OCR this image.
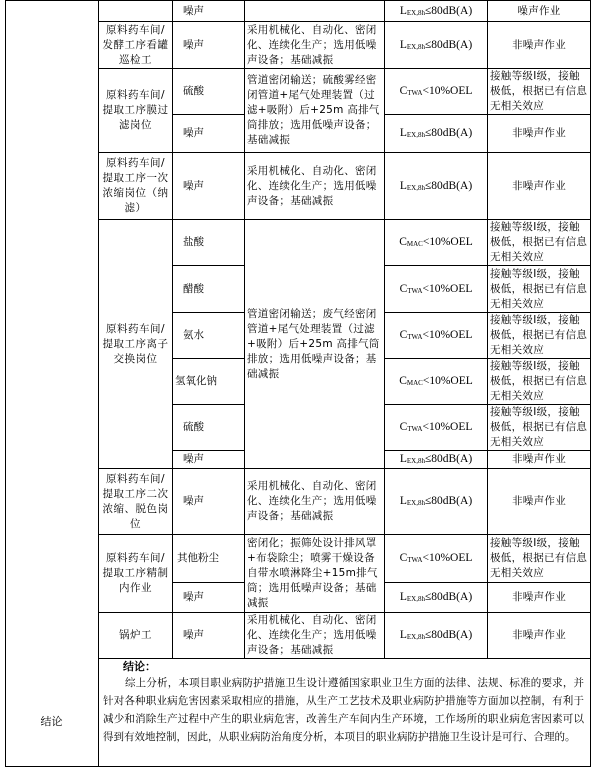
		噪声		$L_{EX,8h}\le 80dB(A)$	噪声作业
	原料药车间/发酵工序看罐巡检工	噪声	采用机械化、自动化、密闭化、连续化生产；选用低噪声设备；基础减振	$L_{EX,8h}\le 80dB(A)$	非噪声作业
	原料药车间/提取工序膜过滤岗位	硫酸	管道密闭输送；硫酸雾经密闭管道+尾气处理装置（过滤+吸附）后+25m 高排气筒排放；选用低噪声设备；基础减振	$C_{TWA}<10\%OEL$	接触等级Ⅰ级，接触极低，根据已有信息无相关效应
		噪声		$L_{EX,8h}\le 80dB(A)$	非噪声作业
	原料药车间/提取工序一次浓缩岗位（纳滤）	噪声	采用机械化、自动化、密闭化、连续化生产；选用低噪声设备；基础减振	$L_{EX,8h}\le 80dB(A)$	非噪声作业
	原料药车间/提取工序离子交换岗位	盐酸	管道密闭输送；废气经密闭管道+尾气处理装置（过滤+吸附）后+25m 高排气筒排放；选用低噪声设备；基础减振	$C_{MAC}<10\%OEL$	接触等级Ⅰ级，接触极低，根据已有信息无相关效应
		醋酸		$C_{TWA}<10\%OEL$	接触等级Ⅰ级，接触极低，根据已有信息无相关效应
		氨水		$C_{TWA}<10\%OEL$	接触等级Ⅰ级，接触极低，根据已有信息无相关效应
		氢氧化钠		$C_{MAC}<10\%OEL$	接触等级Ⅰ级，接触极低，根据已有信息无相关效应
		硫酸		$C_{TWA}<10\%OEL$	接触等级Ⅰ级，接触极低，根据已有信息无相关效应
		噪声		$L_{EX,8h}\le 80dB(A)$	非噪声作业
	原料药车间/提取工序二次浓缩、脱色岗位	噪声	采用机械化、自动化、密闭化、连续化生产；选用低噪声设备；基础减振	$L_{EX,8h}\le 80dB(A)$	非噪声作业
	原料药车间/提取工序精制内作业	其他粉尘	密闭化；振筛处设计排风罩+布袋除尘；喷雾干燥设备自带水喷淋降尘+15m排气筒；选用低噪声设备；基础减振	$C_{TWA}<10\%OEL$	接触等级Ⅰ级，接触极低，根据已有信息无相关效应
		噪声		$L_{EX,8h}\le 80dB(A)$	非噪声作业
	锅炉工	噪声	采用机械化、自动化、密闭化、连续化生产；选用低噪声设备；基础减振	$L_{EX,8h}\le 80dB(A)$	非噪声作业

	结论：
综上分析，本项目职业病防护措施卫生设计遵循国家职业卫生方面的法律、法规、标准的要求，并针对各种职业病危害因素采取相应的措施，从生产工艺技术及职业病防护措施等方面加以控制，有利于减少和消除生产过程中产生的职业病危害，改善生产车间内生产环境，工作场所的职业病危害因素可以得到有效地控制，因此，从职业病防治角度分析，本项目的职业病防护措施卫生设计是可行、合理的。				
结论
